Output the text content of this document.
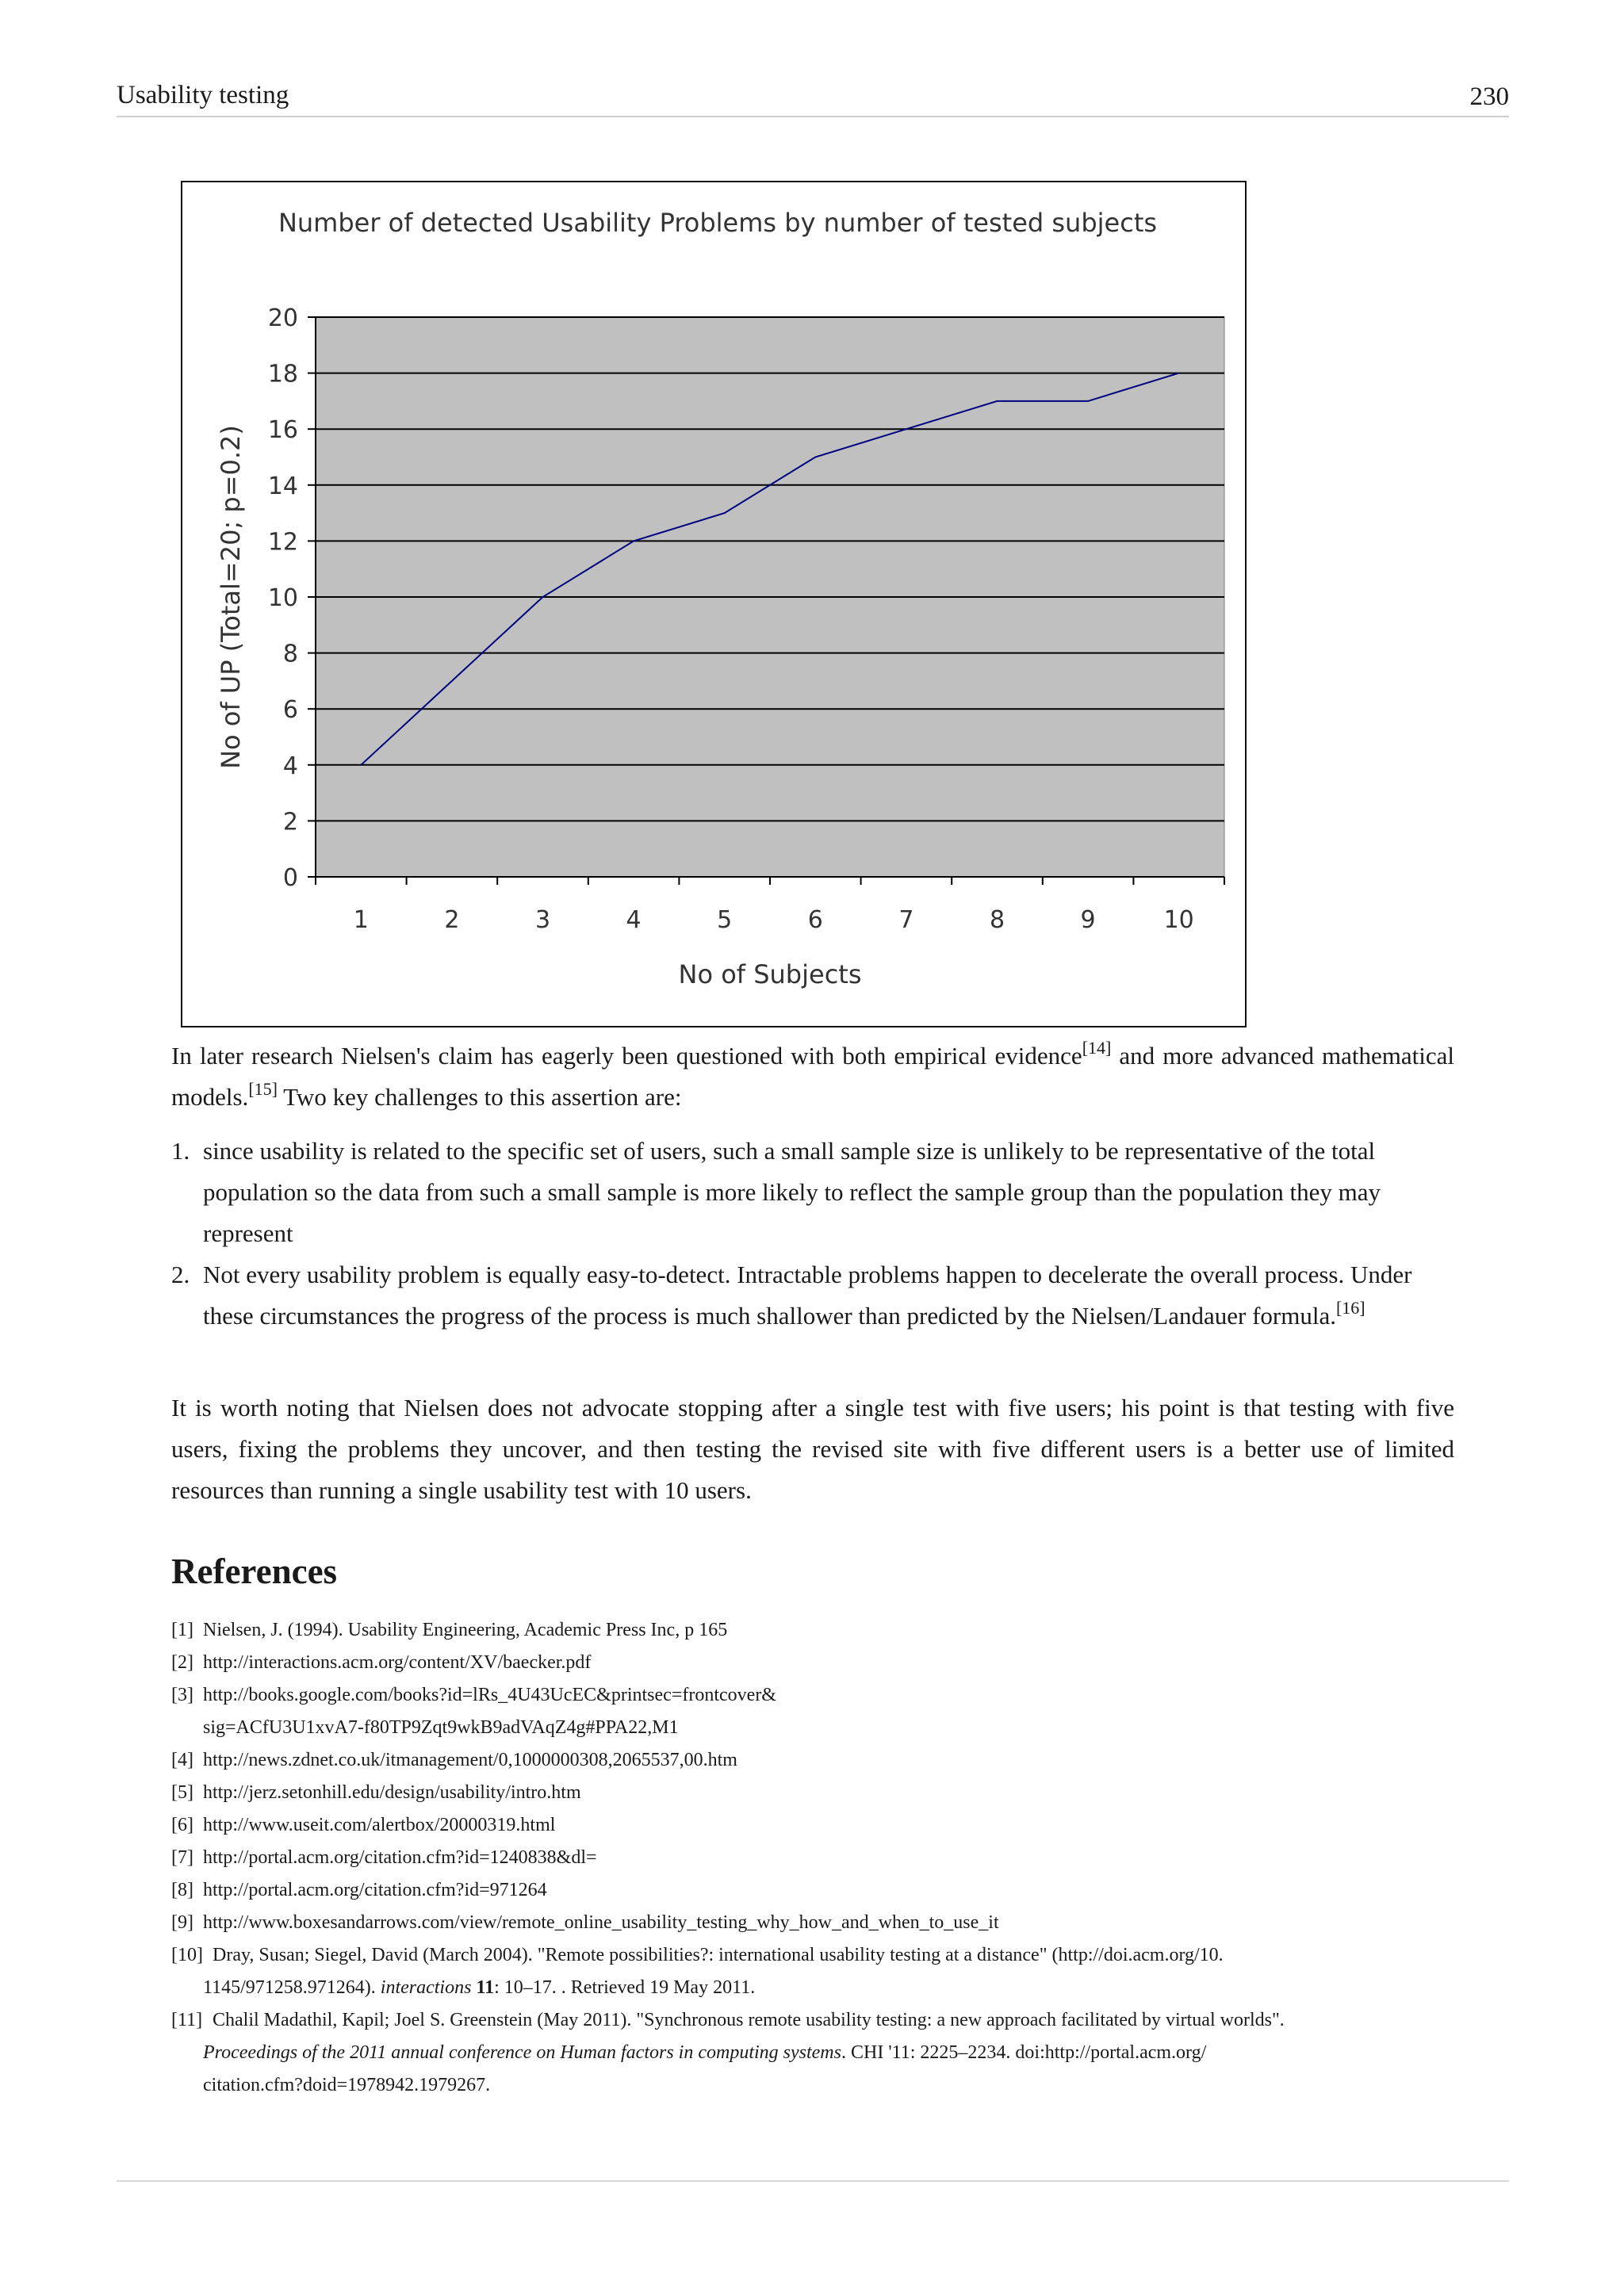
Usability testing	230
Number of detected Usability Problems by number of tested subjects
0
2
4
6
8
10
12
14
16
18
20
1	2	3	4	5	6	7	8	9	10
No of Subjects
No of UP (Total=20; p=0.2)
In later research Nielsen's claim has eagerly been questioned with both empirical evidence[14] and more advanced mathematical models.[15] Two key challenges to this assertion are:
1. since usability is related to the specific set of users, such a small sample size is unlikely to be representative of the total population so the data from such a small sample is more likely to reflect the sample group than the population they may represent
2. Not every usability problem is equally easy-to-detect. Intractable problems happen to decelerate the overall process. Under these circumstances the progress of the process is much shallower than predicted by the Nielsen/Landauer formula.[16]
It is worth noting that Nielsen does not advocate stopping after a single test with five users; his point is that testing with five users, fixing the problems they uncover, and then testing the revised site with five different users is a better use of limited resources than running a single usability test with 10 users.
References
[1] Nielsen, J. (1994). Usability Engineering, Academic Press Inc, p 165
[2] http://interactions.acm.org/content/XV/baecker.pdf
[3] http://books.google.com/books?id=lRs_4U43UcEC&printsec=frontcover&
sig=ACfU3U1xvA7-f80TP9Zqt9wkB9adVAqZ4g#PPA22,M1
[4] http://news.zdnet.co.uk/itmanagement/0,1000000308,2065537,00.htm
[5] http://jerz.setonhill.edu/design/usability/intro.htm
[6] http://www.useit.com/alertbox/20000319.html
[7] http://portal.acm.org/citation.cfm?id=1240838&dl=
[8] http://portal.acm.org/citation.cfm?id=971264
[9] http://www.boxesandarrows.com/view/remote_online_usability_testing_why_how_and_when_to_use_it
[10] Dray, Susan; Siegel, David (March 2004). "Remote possibilities?: international usability testing at a distance" (http://doi.acm.org/10.
1145/971258.971264). interactions 11: 10–17. . Retrieved 19 May 2011.
[11] Chalil Madathil, Kapil; Joel S. Greenstein (May 2011). "Synchronous remote usability testing: a new approach facilitated by virtual worlds".
Proceedings of the 2011 annual conference on Human factors in computing systems. CHI '11: 2225–2234. doi:http://portal.acm.org/
citation.cfm?doid=1978942.1979267.
